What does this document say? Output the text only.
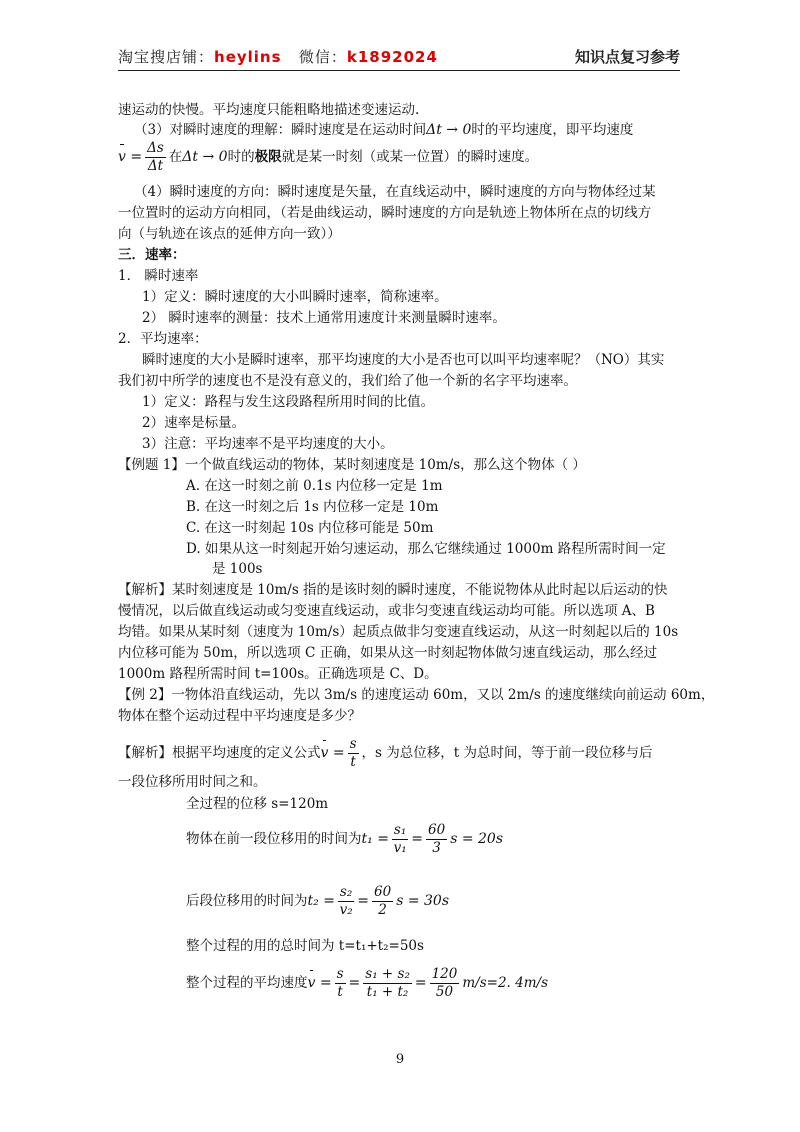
淘宝搜店铺：heylins 微信：k1892024	知识点复习参考
速运动的快慢。平均速度只能粗略地描述变速运动.
（3）对瞬时速度的理解：瞬时速度是在运动时间Δt → 0时的平均速度，即平均速度
$v = \frac{\Delta s}{\Delta t}$ 在Δt → 0时的极限就是某一时刻（或某一位置）的瞬时速度。
（4）瞬时速度的方向：瞬时速度是矢量，在直线运动中，瞬时速度的方向与物体经过某
一位置时的运动方向相同，（若是曲线运动，瞬时速度的方向是轨迹上物体所在点的切线方
向（与轨迹在该点的延伸方向一致））
三．速率：
1． 瞬时速率
1）定义：瞬时速度的大小叫瞬时速率，简称速率。
2） 瞬时速率的测量：技术上通常用速度计来测量瞬时速率。
2．平均速率：
瞬时速度的大小是瞬时速率，那平均速度的大小是否也可以叫平均速率呢？（NO）其实
我们初中所学的速度也不是没有意义的，我们给了他一个新的名字平均速率。
1）定义：路程与发生这段路程所用时间的比值。
2）速率是标量。
3）注意：平均速率不是平均速度的大小。
【例题 1】一个做直线运动的物体，某时刻速度是 10m/s，那么这个物体（ ）
A. 在这一时刻之前 0.1s 内位移一定是 1m
B. 在这一时刻之后 1s 内位移一定是 10m
C. 在这一时刻起 10s 内位移可能是 50m
D. 如果从这一时刻起开始匀速运动，那么它继续通过 1000m 路程所需时间一定
是 100s
【解析】某时刻速度是 10m/s 指的是该时刻的瞬时速度，不能说物体从此时起以后运动的快
慢情况，以后做直线运动或匀变速直线运动，或非匀变速直线运动均可能。所以选项 A、B
均错。如果从某时刻（速度为 10m/s）起质点做非匀变速直线运动，从这一时刻起以后的 10s
内位移可能为 50m，所以选项 C 正确，如果从这一时刻起物体做匀速直线运动，那么经过
1000m 路程所需时间 t=100s。正确选项是 C、D。
【例 2】一物体沿直线运动，先以 3m/s 的速度运动 60m，又以 2m/s 的速度继续向前运动 60m，
物体在整个运动过程中平均速度是多少？
【解析】根据平均速度的定义公式$v = \frac{s}{t}$ ，s 为总位移，t 为总时间，等于前一段位移与后
一段位移所用时间之和。
全过程的位移 s=120m
物体在前一段位移用的时间为$t_1 = \frac{\text{s₁}}{\text{v₁}} = \frac{60}{3}$ s = 20s
后段位移用的时间为$t_2 = \frac{\text{s₂}}{\text{v₂}} = \frac{60}{2}$ s = 30s
整个过程的用的总时间为 t=t₁+t₂=50s
整个过程的平均速度$v = \frac{s}{t} = \frac{\text{s₁ + s₂}}{\text{t₁ + t₂}} = \frac{120}{50} m/s=2$. 4m/s
9
